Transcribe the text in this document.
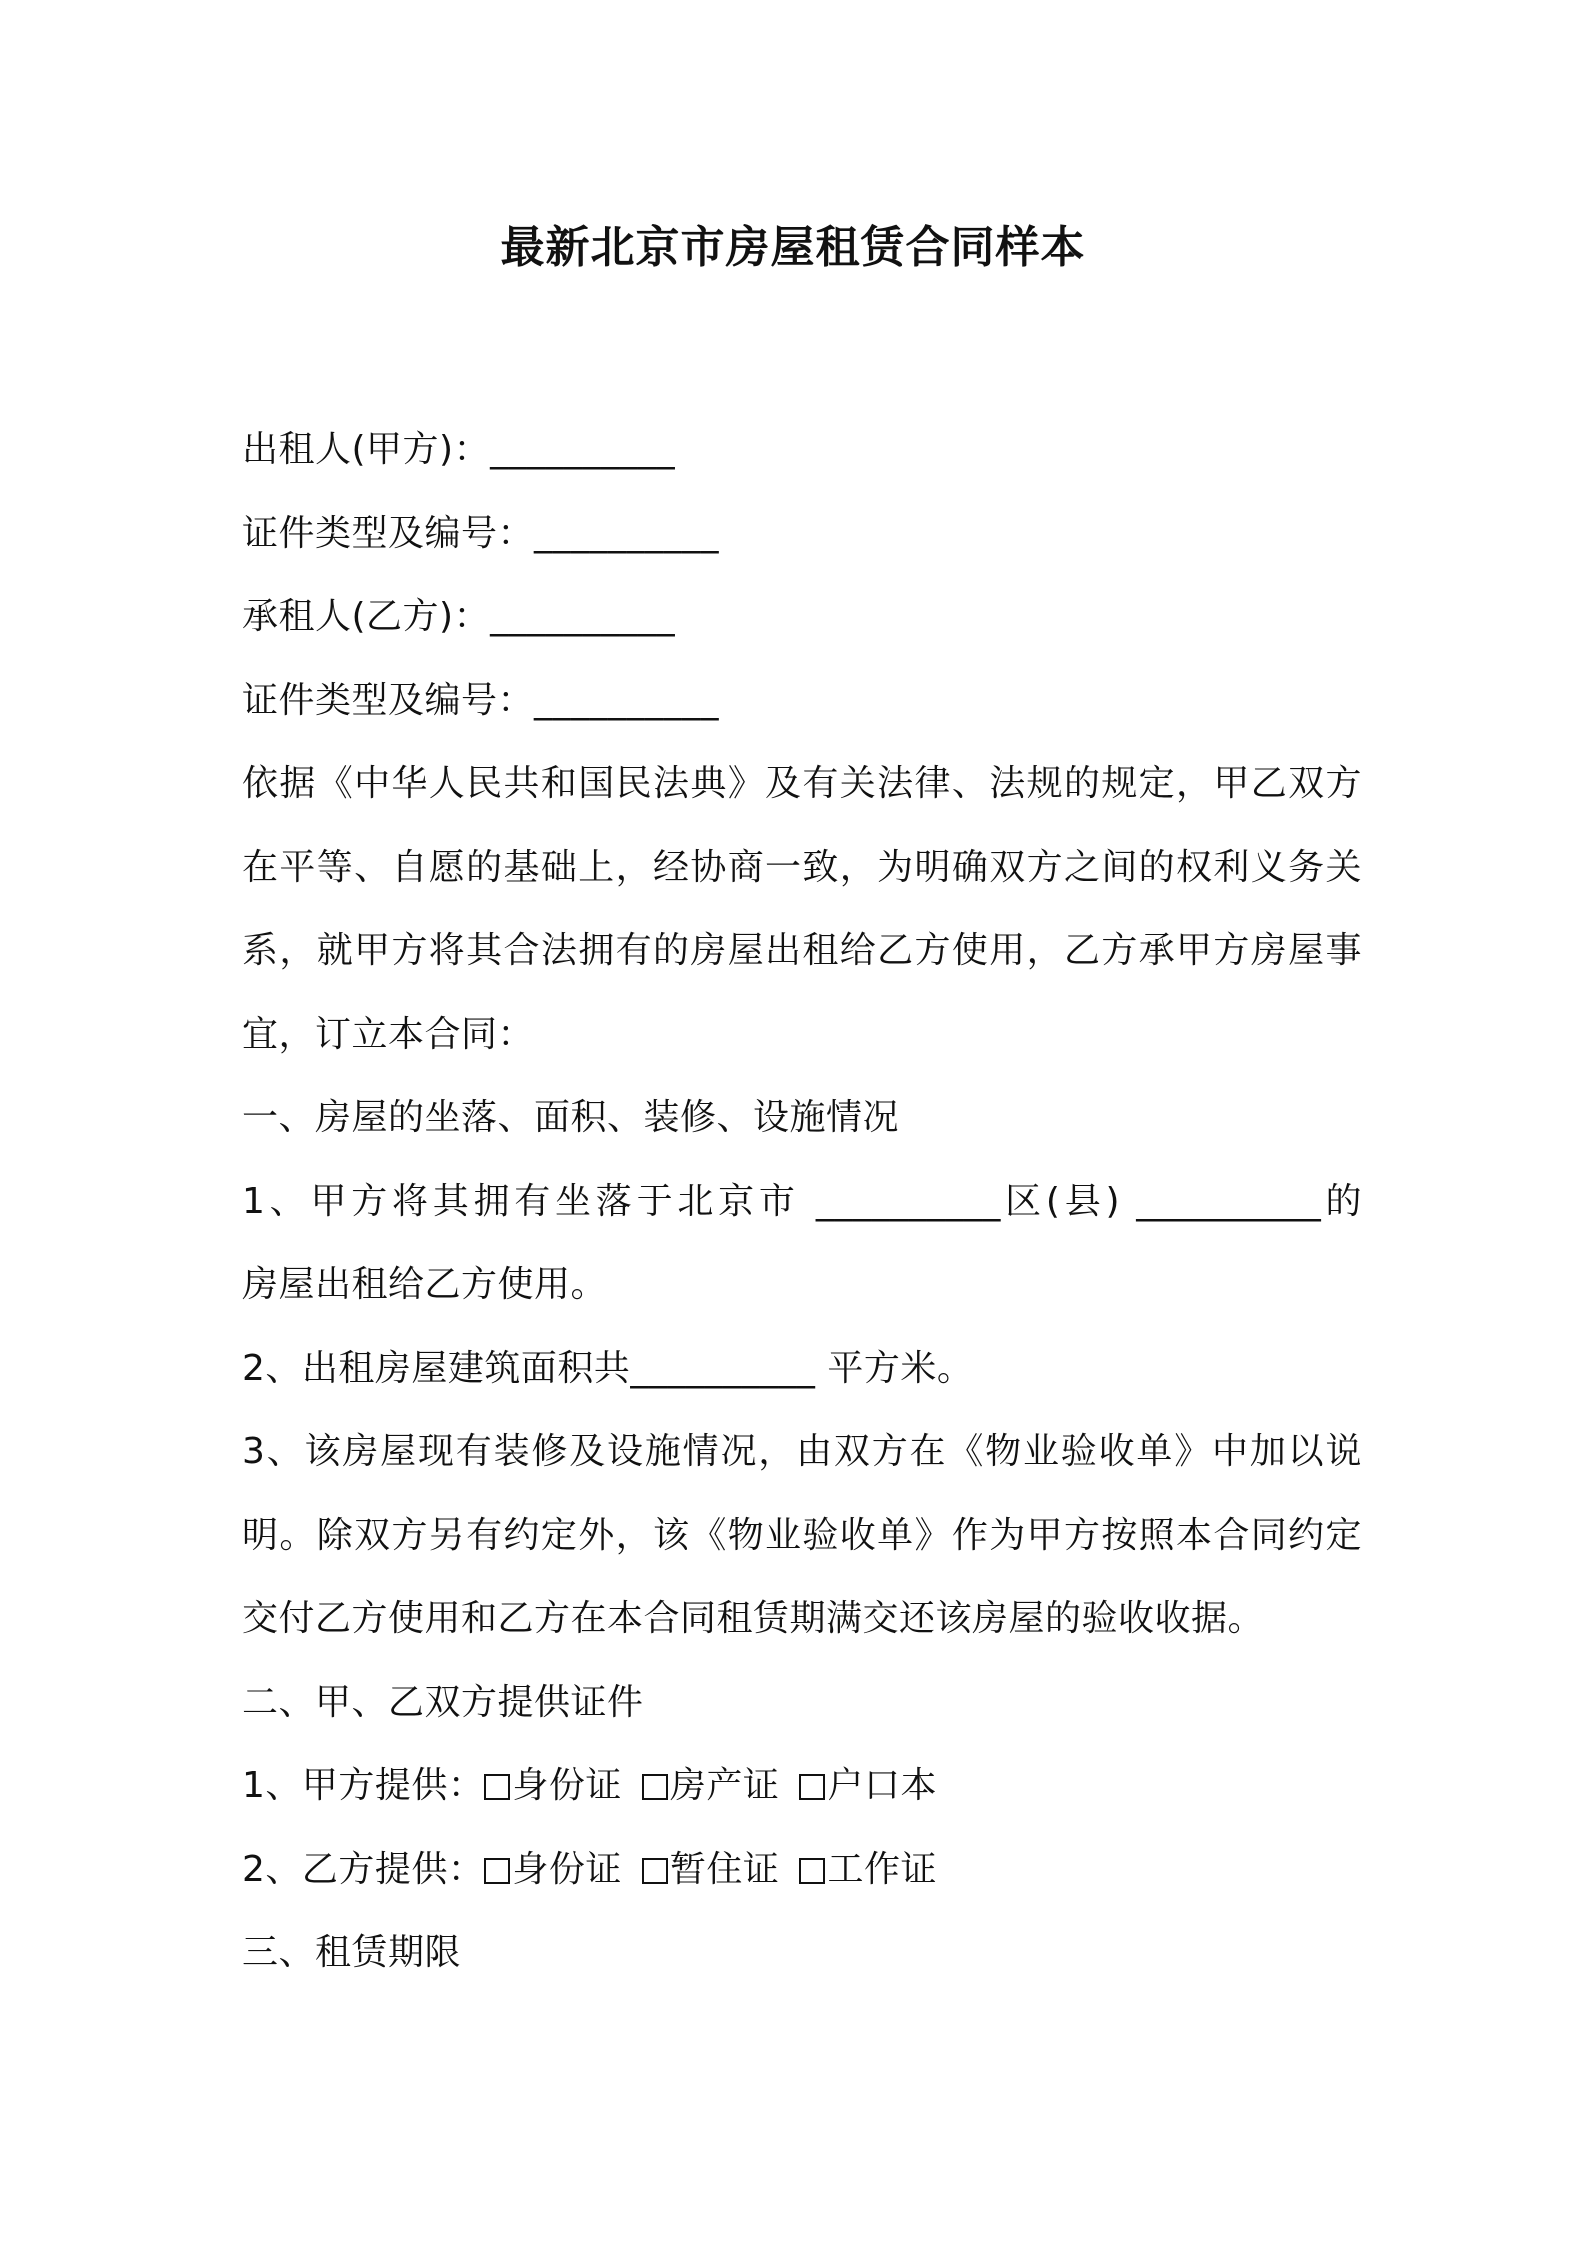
最新北京市房屋租赁合同样本
出租人(甲方)：__________
证件类型及编号：__________
承租人(乙方)：__________
证件类型及编号：__________
依据《中华人民共和国民法典》及有关法律、法规的规定，甲乙双方
在平等、自愿的基础上，经协商一致，为明确双方之间的权利义务关
系，就甲方将其合法拥有的房屋出租给乙方使用，乙方承甲方房屋事
宜，订立本合同：
一、房屋的坐落、面积、装修、设施情况
1、甲方将其拥有坐落于北京市 __________区(县) __________的
房屋出租给乙方使用。
2、出租房屋建筑面积共__________ 平方米。
3、该房屋现有装修及设施情况，由双方在《物业验收单》中加以说
明。除双方另有约定外，该《物业验收单》作为甲方按照本合同约定
交付乙方使用和乙方在本合同租赁期满交还该房屋的验收收据。
二、甲、乙双方提供证件
1、甲方提供： 身份证 房产证 户口本
2、乙方提供： 身份证 暂住证 工作证
三、租赁期限
